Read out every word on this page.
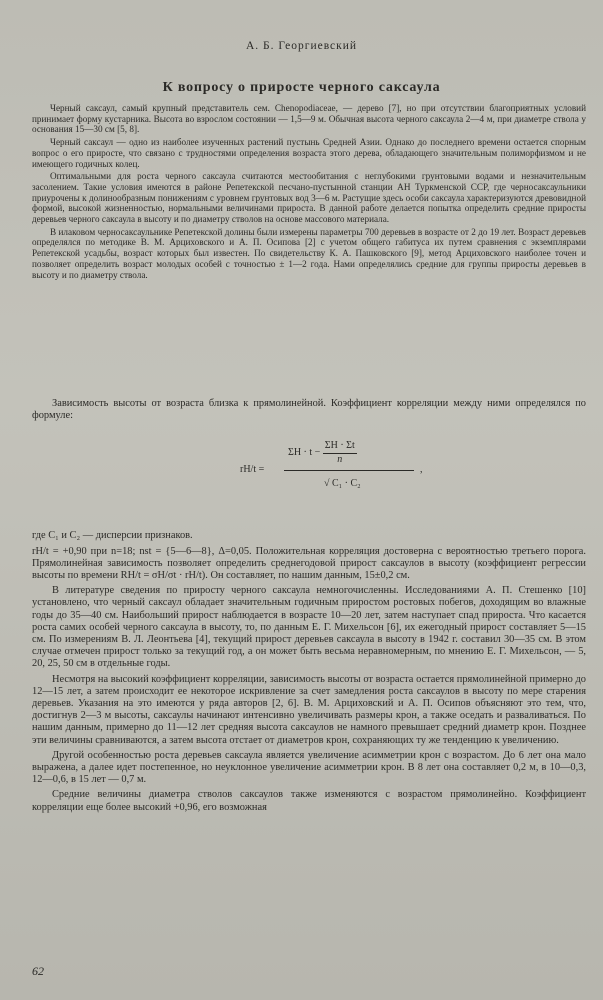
А. Б. Георгиевский
К вопросу о приросте черного саксаула

Черный саксаул, самый крупный представитель сем. Chenopodiaceae, — дерево [7], но при отсутствии благоприятных условий принимает форму кустарника. Высота во взрослом состоянии — 1,5—9 м. Обычная высота черного саксаула 2—4 м, при диаметре ствола у основания 15—30 см [5, 8].

Черный саксаул — одно из наиболее изученных растений пустынь Средней Азии. Однако до последнего времени остается спорным вопрос о его приросте, что связано с трудностями определения возраста этого дерева, обладающего значительным полиморфизмом и не имеющего годичных колец.

Оптимальными для роста черного саксаула считаются местообитания с неглубокими грунтовыми водами и незначительным засолением. Такие условия имеются в районе Репетекской песчано-пустынной станции АН Туркменской ССР, где черносаксаульники приурочены к долинообразным понижениям с уровнем грунтовых вод 3—6 м. Растущие здесь особи саксаула характеризуются древовидной формой, высокой жизненностью, нормальными величинами прироста. В данной работе делается попытка определить средние приросты деревьев черного саксаула в высоту и по диаметру стволов на основе массового материала.

В илаковом черносаксаульнике Репетекской долины были измерены параметры 700 деревьев в возрасте от 2 до 19 лет. Возраст деревьев определялся по методике В. М. Арциховского и А. П. Осипова [2] с учетом общего габитуса их путем сравнения с экземплярами Репетекской усадьбы, возраст которых был известен. По свидетельству К. А. Пашковского [9], метод Арциховского наиболее точен и позволяет определить возраст молодых особей с точностью ± 1—2 года. Нами определялись средние для группы приросты деревьев в высоту и по диаметру ствола.

Зависимость высоты от возраста близка к прямолинейной. Коэффициент корреляции между ними определялся по формуле:

rH/t =
$\Sigma H \cdot t - \frac{\Sigma H \cdot \Sigma t}{n}$
√ C₁ · C₂
,

где C₁ и C₂ — дисперсии признаков.

rH/t = +0,90 при n=18; nst = {5—6—8}, Δ=0,05. Положительная корреляция достоверна с вероятностью третьего порога. Прямолинейная зависимость позволяет определить среднегодовой прирост саксаулов в высоту (коэффициент регрессии высоты по времени RH/t = σH/σt · rH/t). Он составляет, по нашим данным, 15±0,2 см.

В литературе сведения по приросту черного саксаула немногочисленны. Исследованиями А. П. Стешенко [10] установлено, что черный саксаул обладает значительным годичным приростом ростовых побегов, доходящим во влажные годы до 35—40 см. Наибольший прирост наблюдается в возрасте 10—20 лет, затем наступает спад прироста. Что касается роста самих особей черного саксаула в высоту, то, по данным Е. Г. Михельсон [6], их ежегодный прирост составляет 5—15 см. По измерениям В. Л. Леонтьева [4], текущий прирост деревьев саксаула в высоту в 1942 г. составил 30—35 см. В этом случае отмечен прирост только за текущий год, а он может быть весьма неравномерным, по мнению Е. Г. Михельсон, — 5, 20, 25, 50 см в отдельные годы.

Несмотря на высокий коэффициент корреляции, зависимость высоты от возраста остается прямолинейной примерно до 12—15 лет, а затем происходит ее некоторое искривление за счет замедления роста саксаулов в высоту по мере старения деревьев. Указания на это имеются у ряда авторов [2, 6]. В. М. Арциховский и А. П. Осипов объясняют это тем, что, достигнув 2—3 м высоты, саксаулы начинают интенсивно увеличивать размеры крон, а также оседать и разваливаться. По нашим данным, примерно до 11—12 лет средняя высота саксаулов не намного превышает средний диаметр крон. Позднее эти величины сравниваются, а затем высота отстает от диаметров крон, сохраняющих ту же тенденцию к увеличению.

Другой особенностью роста деревьев саксаула является увеличение асимметрии крон с возрастом. До 6 лет она мало выражена, а далее идет постепенное, но неуклонное увеличение асимметрии крон. В 8 лет она составляет 0,2 м, в 10—0,3, 12—0,6, в 15 лет — 0,7 м.

Средние величины диаметра стволов саксаулов также изменяются с возрастом прямолинейно. Коэффициент корреляции еще более высокий +0,96, его возможная

62
